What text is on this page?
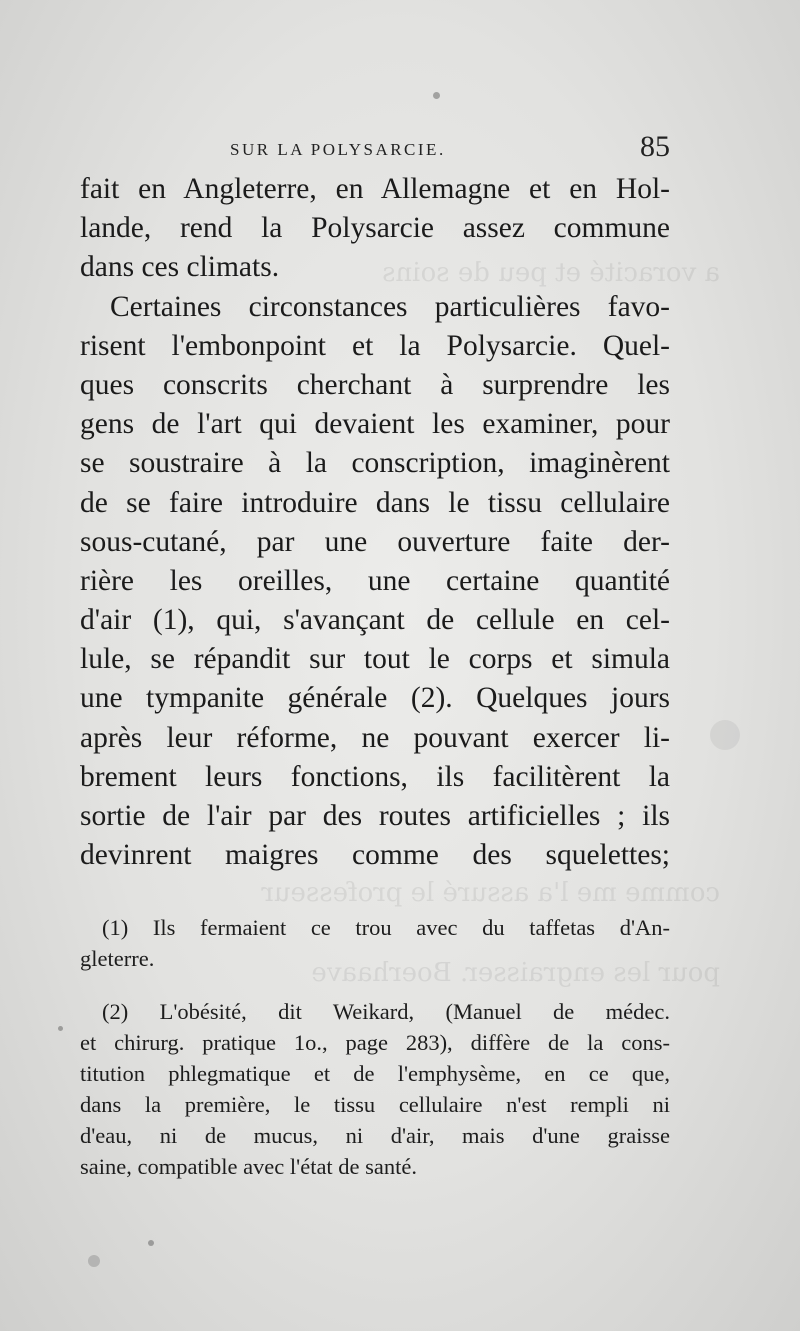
a voracité et peu de soins
comme me l'a assuré le professeur
pour les engraisser. Boerhaave
SUR LA POLYSARCIE.	85
fait en Angleterre, en Allemagne et en Hol-
lande, rend la Polysarcie assez commune
dans ces climats.
Certaines circonstances particulières favo-
risent l'embonpoint et la Polysarcie. Quel-
ques conscrits cherchant à surprendre les
gens de l'art qui devaient les examiner, pour
se soustraire à la conscription, imaginèrent
de se faire introduire dans le tissu cellulaire
sous-cutané, par une ouverture faite der-
rière les oreilles, une certaine quantité
d'air (1), qui, s'avançant de cellule en cel-
lule, se répandit sur tout le corps et simula
une tympanite générale (2). Quelques jours
après leur réforme, ne pouvant exercer li-
brement leurs fonctions, ils facilitèrent la
sortie de l'air par des routes artificielles ; ils
devinrent maigres comme des squelettes;
(1) Ils fermaient ce trou avec du taffetas d'An-
gleterre.
(2) L'obésité, dit Weikard, (Manuel de médec.
et chirurg. pratique 1o., page 283), diffère de la cons-
titution phlegmatique et de l'emphysème, en ce que,
dans la première, le tissu cellulaire n'est rempli ni
d'eau, ni de mucus, ni d'air, mais d'une graisse
saine, compatible avec l'état de santé.
